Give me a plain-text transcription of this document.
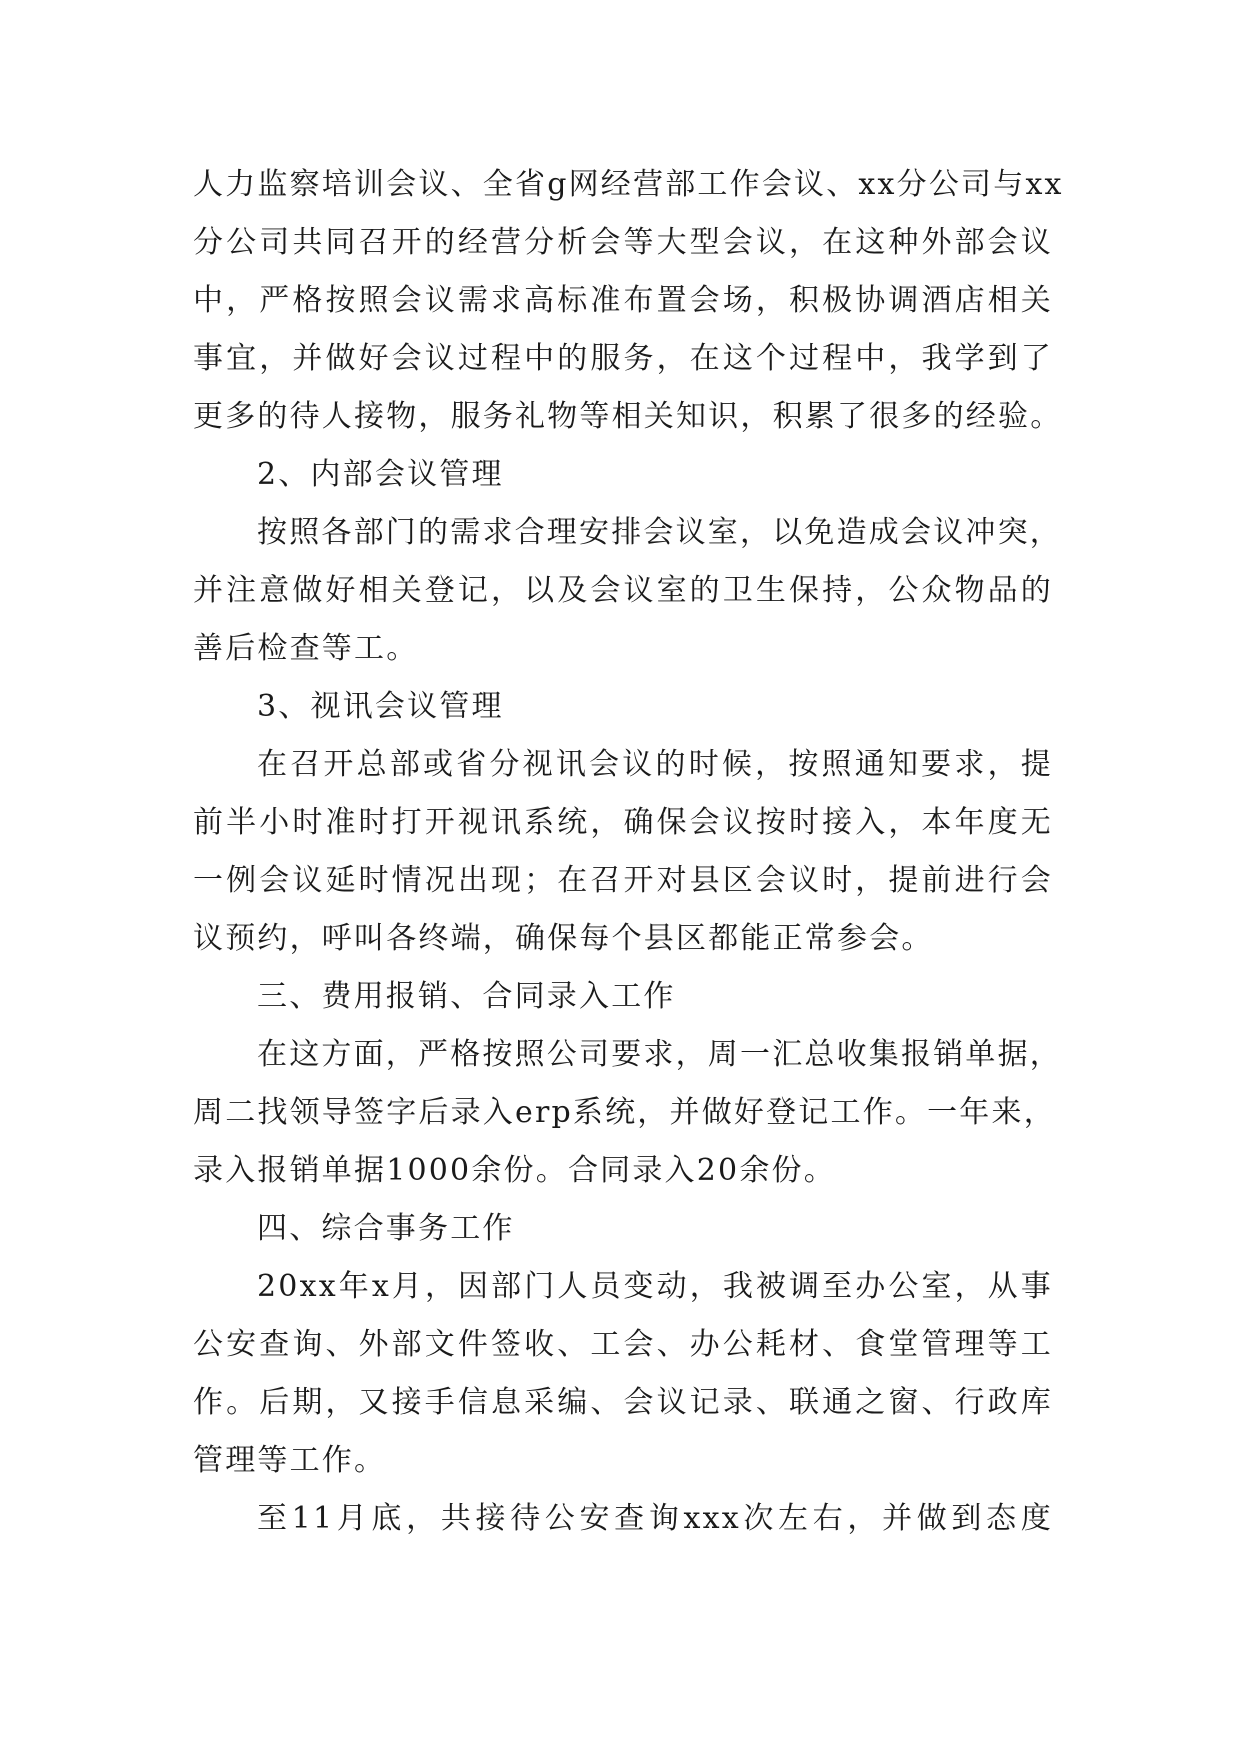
人力监察培训会议、全省g网经营部工作会议、xx分公司与xx
分公司共同召开的经营分析会等大型会议，在这种外部会议
中，严格按照会议需求高标准布置会场，积极协调酒店相关
事宜，并做好会议过程中的服务，在这个过程中，我学到了
更多的待人接物，服务礼物等相关知识，积累了很多的经验。
2、内部会议管理
按照各部门的需求合理安排会议室，以免造成会议冲突，
并注意做好相关登记，以及会议室的卫生保持，公众物品的
善后检查等工。
3、视讯会议管理
在召开总部或省分视讯会议的时候，按照通知要求，提
前半小时准时打开视讯系统，确保会议按时接入，本年度无
一例会议延时情况出现；在召开对县区会议时，提前进行会
议预约，呼叫各终端，确保每个县区都能正常参会。
三、费用报销、合同录入工作
在这方面，严格按照公司要求，周一汇总收集报销单据，
周二找领导签字后录入erp系统，并做好登记工作。一年来，
录入报销单据1000余份。合同录入20余份。
四、综合事务工作
20xx年x月，因部门人员变动，我被调至办公室，从事
公安查询、外部文件签收、工会、办公耗材、食堂管理等工
作。后期，又接手信息采编、会议记录、联通之窗、行政库
管理等工作。
至11月底，共接待公安查询xxx次左右，并做到态度
